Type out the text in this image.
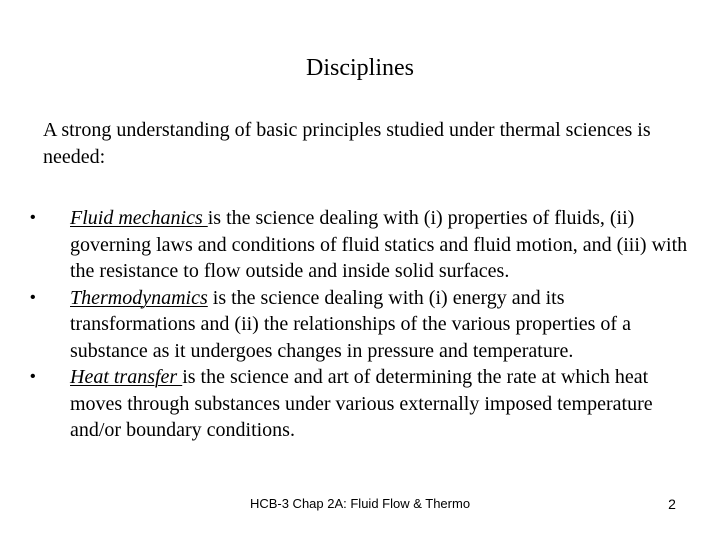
Disciplines
A strong understanding of basic principles studied under thermal sciences is needed:
• Fluid mechanics is the science dealing with (i) properties of fluids, (ii) governing laws and conditions of fluid statics and fluid motion, and (iii) with the resistance to flow outside and inside solid surfaces.
• Thermodynamics is the science dealing with (i) energy and its transformations and (ii) the relationships of the various properties of a substance as it undergoes changes in pressure and temperature.
• Heat transfer is the science and art of determining the rate at which heat moves through substances under various externally imposed temperature and/or boundary conditions.
HCB-3 Chap 2A: Fluid Flow & Thermo	2
